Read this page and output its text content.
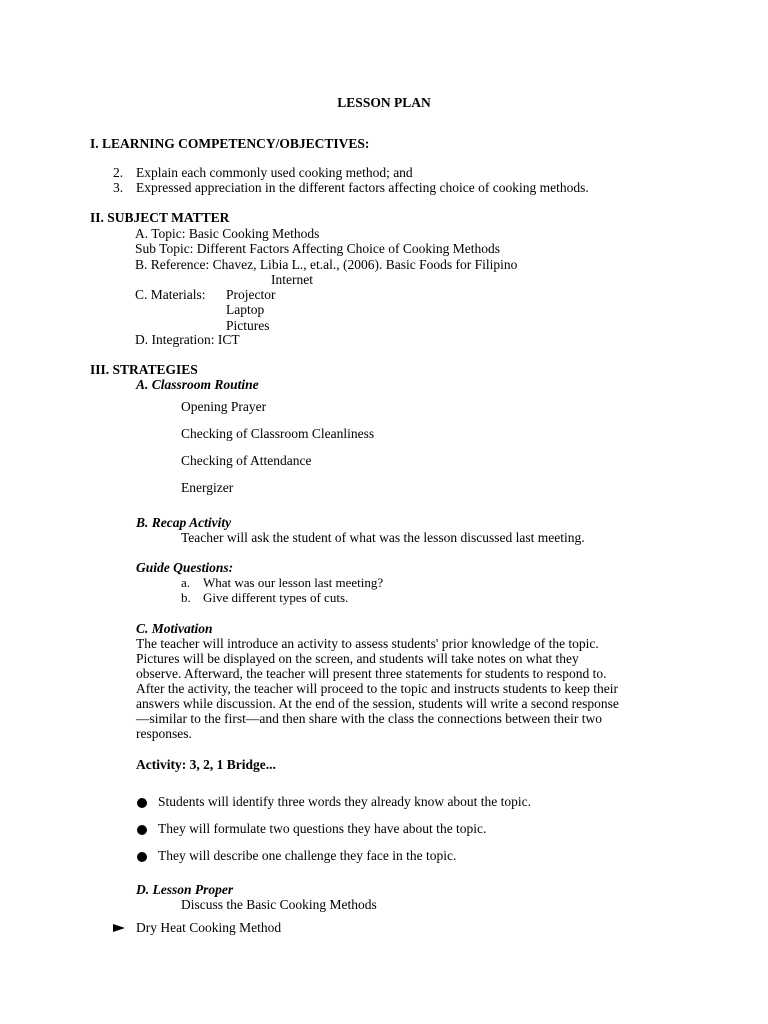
LESSON PLAN
I. LEARNING COMPETENCY/OBJECTIVES:
2. Explain each commonly used cooking method; and
3. Expressed appreciation in the different factors affecting choice of cooking methods.
II. SUBJECT MATTER
A. Topic: Basic Cooking Methods
Sub Topic: Different Factors Affecting Choice of Cooking Methods
B. Reference: Chavez, Libia L., et.al., (2006). Basic Foods for Filipino
Internet
C. Materials: Projector
Laptop
Pictures
D. Integration: ICT
III. STRATEGIES
A. Classroom Routine
Opening Prayer
Checking of Classroom Cleanliness
Checking of Attendance
Energizer
B. Recap Activity
Teacher will ask the student of what was the lesson discussed last meeting.
Guide Questions:
a. What was our lesson last meeting?
b. Give different types of cuts.
C. Motivation
The teacher will introduce an activity to assess students' prior knowledge of the topic.
Pictures will be displayed on the screen, and students will take notes on what they
observe. Afterward, the teacher will present three statements for students to respond to.
After the activity, the teacher will proceed to the topic and instructs students to keep their
answers while discussion. At the end of the session, students will write a second response
—similar to the first—and then share with the class the connections between their two
responses.
Activity: 3, 2, 1 Bridge...
Students will identify three words they already know about the topic.
They will formulate two questions they have about the topic.
They will describe one challenge they face in the topic.
D. Lesson Proper
Discuss the Basic Cooking Methods
Dry Heat Cooking Method
